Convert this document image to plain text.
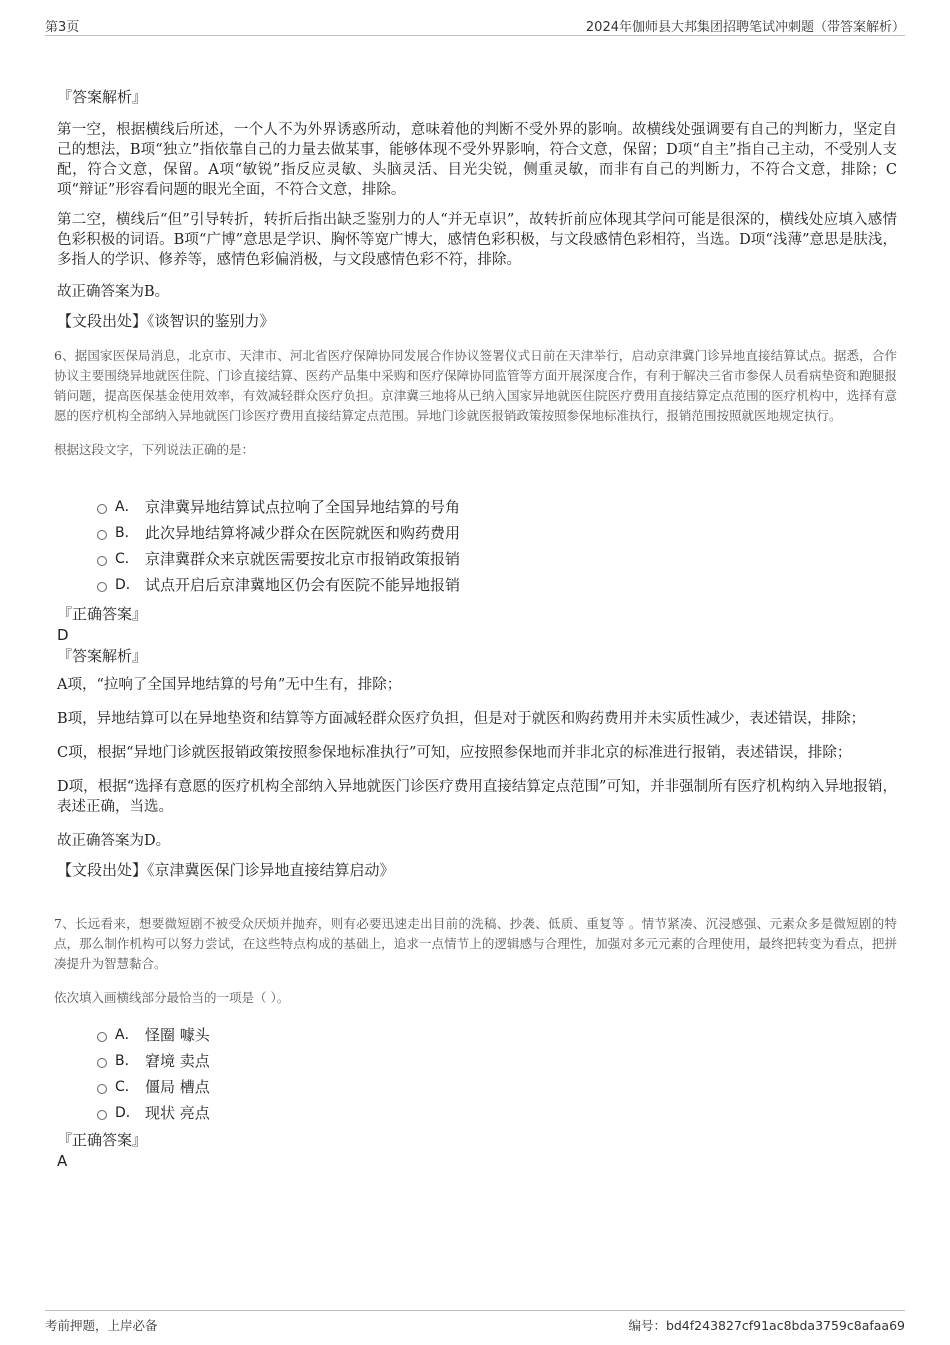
第3页	2024年伽师县大邦集团招聘笔试冲刺题（带答案解析）
『答案解析』
第一空，根据横线后所述，一个人不为外界诱惑所动，意味着他的判断不受外界的影响。故横线处强调要有自己的判断力，坚定自己的想法，B项“独立”指依靠自己的力量去做某事，能够体现不受外界影响，符合文意，保留；D项“自主”指自己主动，不受别人支配，符合文意，保留。A项“敏锐”指反应灵敏、头脑灵活、目光尖锐，侧重灵敏，而非有自己的判断力，不符合文意，排除；C项“辩证”形容看问题的眼光全面，不符合文意，排除。
第二空，横线后“但”引导转折，转折后指出缺乏鉴别力的人“并无卓识”，故转折前应体现其学问可能是很深的，横线处应填入感情色彩积极的词语。B项“广博”意思是学识、胸怀等宽广博大，感情色彩积极，与文段感情色彩相符，当选。D项“浅薄”意思是肤浅，多指人的学识、修养等，感情色彩偏消极，与文段感情色彩不符，排除。
故正确答案为B。
【文段出处】《谈智识的鉴别力》
6、据国家医保局消息，北京市、天津市、河北省医疗保障协同发展合作协议签署仪式日前在天津举行，启动京津冀门诊异地直接结算试点。据悉，合作协议主要围绕异地就医住院、门诊直接结算、医药产品集中采购和医疗保障协同监管等方面开展深度合作，有利于解决三省市参保人员看病垫资和跑腿报销问题，提高医保基金使用效率，有效减轻群众医疗负担。京津冀三地将从已纳入国家异地就医住院医疗费用直接结算定点范围的医疗机构中，选择有意愿的医疗机构全部纳入异地就医门诊医疗费用直接结算定点范围。异地门诊就医报销政策按照参保地标准执行，报销范围按照就医地规定执行。
根据这段文字，下列说法正确的是：
A． 京津冀异地结算试点拉响了全国异地结算的号角
B． 此次异地结算将减少群众在医院就医和购药费用
C． 京津冀群众来京就医需要按北京市报销政策报销
D． 试点开启后京津冀地区仍会有医院不能异地报销
『正确答案』
D
『答案解析』
A项，“拉响了全国异地结算的号角”无中生有，排除；
B项，异地结算可以在异地垫资和结算等方面减轻群众医疗负担，但是对于就医和购药费用并未实质性减少，表述错误，排除；
C项，根据“异地门诊就医报销政策按照参保地标准执行”可知，应按照参保地而并非北京的标准进行报销，表述错误，排除；
D项，根据“选择有意愿的医疗机构全部纳入异地就医门诊医疗费用直接结算定点范围”可知，并非强制所有医疗机构纳入异地报销，表述正确，当选。
故正确答案为D。
【文段出处】《京津冀医保门诊异地直接结算启动》
7、长远看来，想要微短剧不被受众厌烦并抛弃，则有必要迅速走出目前的洗稿、抄袭、低质、重复等 。情节紧凑、沉浸感强、元素众多是微短剧的特点，那么制作机构可以努力尝试，在这些特点构成的基础上，追求一点情节上的逻辑感与合理性，加强对多元元素的合理使用，最终把转变为看点，把拼凑提升为智慧黏合。
依次填入画横线部分最恰当的一项是（ ）。
A． 怪圈 噱头
B． 窘境 卖点
C． 僵局 槽点
D． 现状 亮点
『正确答案』
A
考前押题，上岸必备	编号：bd4f243827cf91ac8bda3759c8afaa69
